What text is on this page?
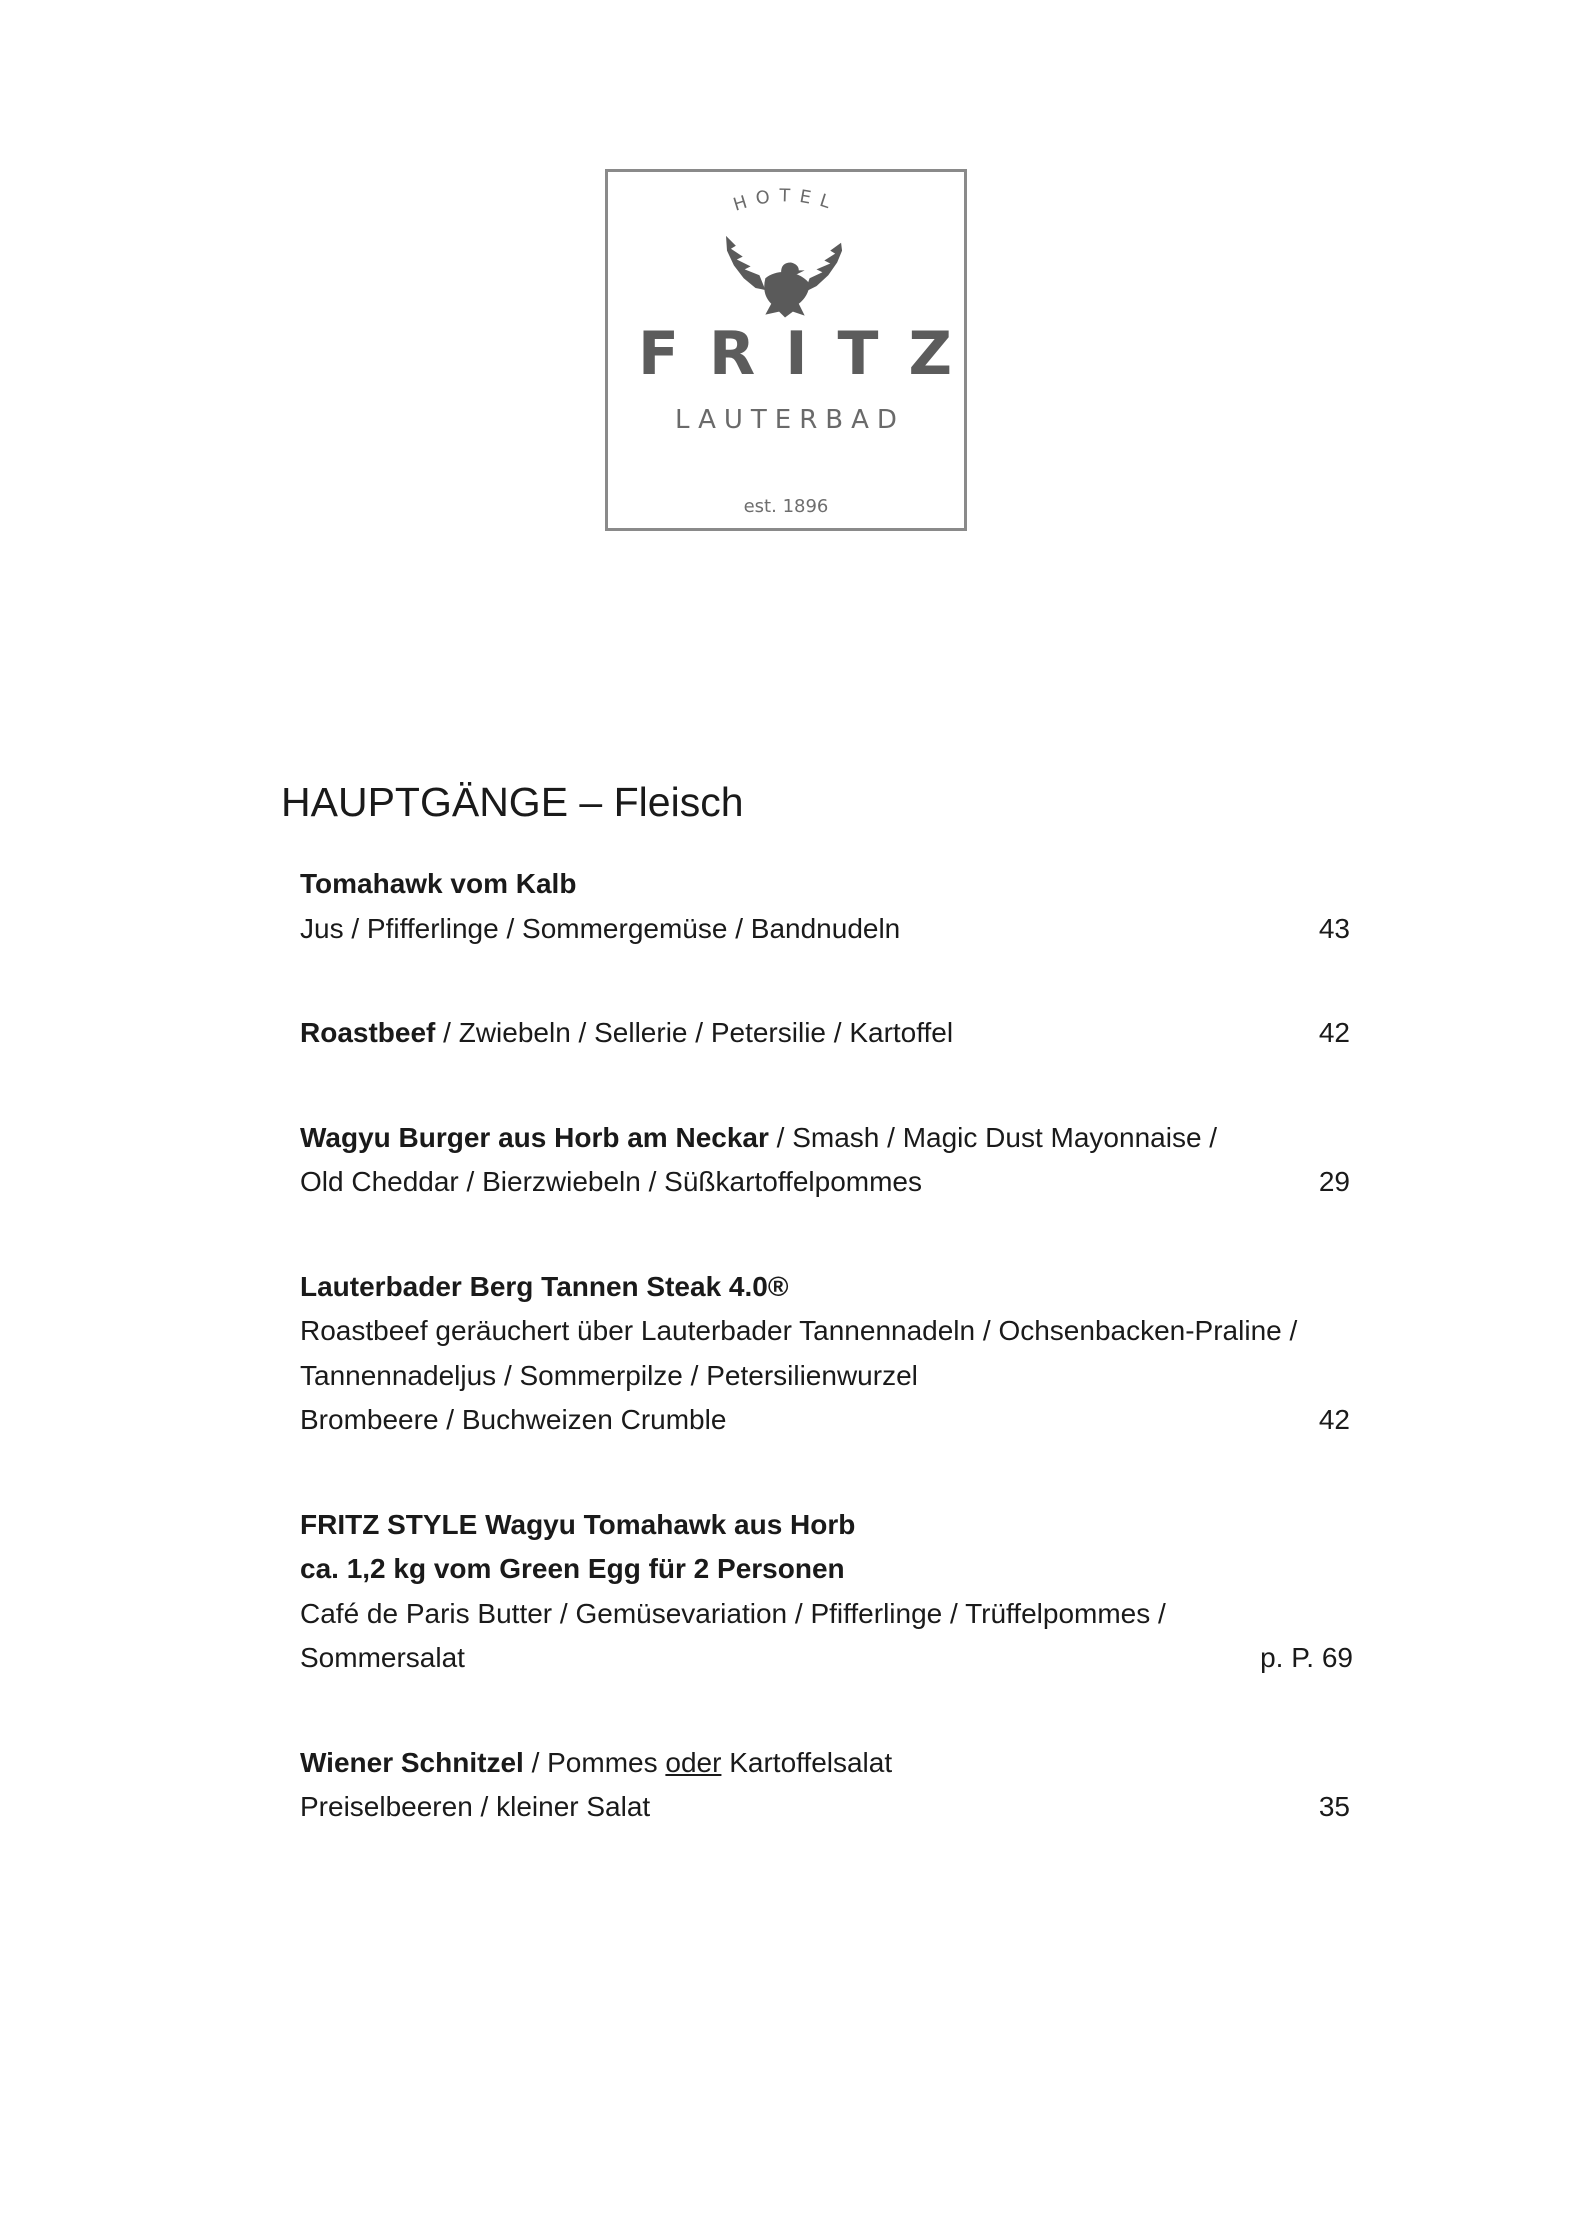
HOTEL
FRITZ
LAUTERBAD
est. 1896
HAUPTGÄNGE – Fleisch
Tomahawk vom Kalb
Jus / Pfifferlinge / Sommergemüse / Bandnudeln	43
Roastbeef / Zwiebeln / Sellerie / Petersilie / Kartoffel	42
Wagyu Burger aus Horb am Neckar / Smash / Magic Dust Mayonnaise /
Old Cheddar / Bierzwiebeln / Süßkartoffelpommes	29
Lauterbader Berg Tannen Steak 4.0®
Roastbeef geräuchert über Lauterbader Tannennadeln / Ochsenbacken-Praline /
Tannennadeljus / Sommerpilze / Petersilienwurzel
Brombeere / Buchweizen Crumble	42
FRITZ STYLE Wagyu Tomahawk aus Horb
ca. 1,2 kg vom Green Egg für 2 Personen
Café de Paris Butter / Gemüsevariation / Pfifferlinge / Trüffelpommes /
Sommersalat	p. P. 69
Wiener Schnitzel / Pommes oder Kartoffelsalat
Preiselbeeren / kleiner Salat	35
